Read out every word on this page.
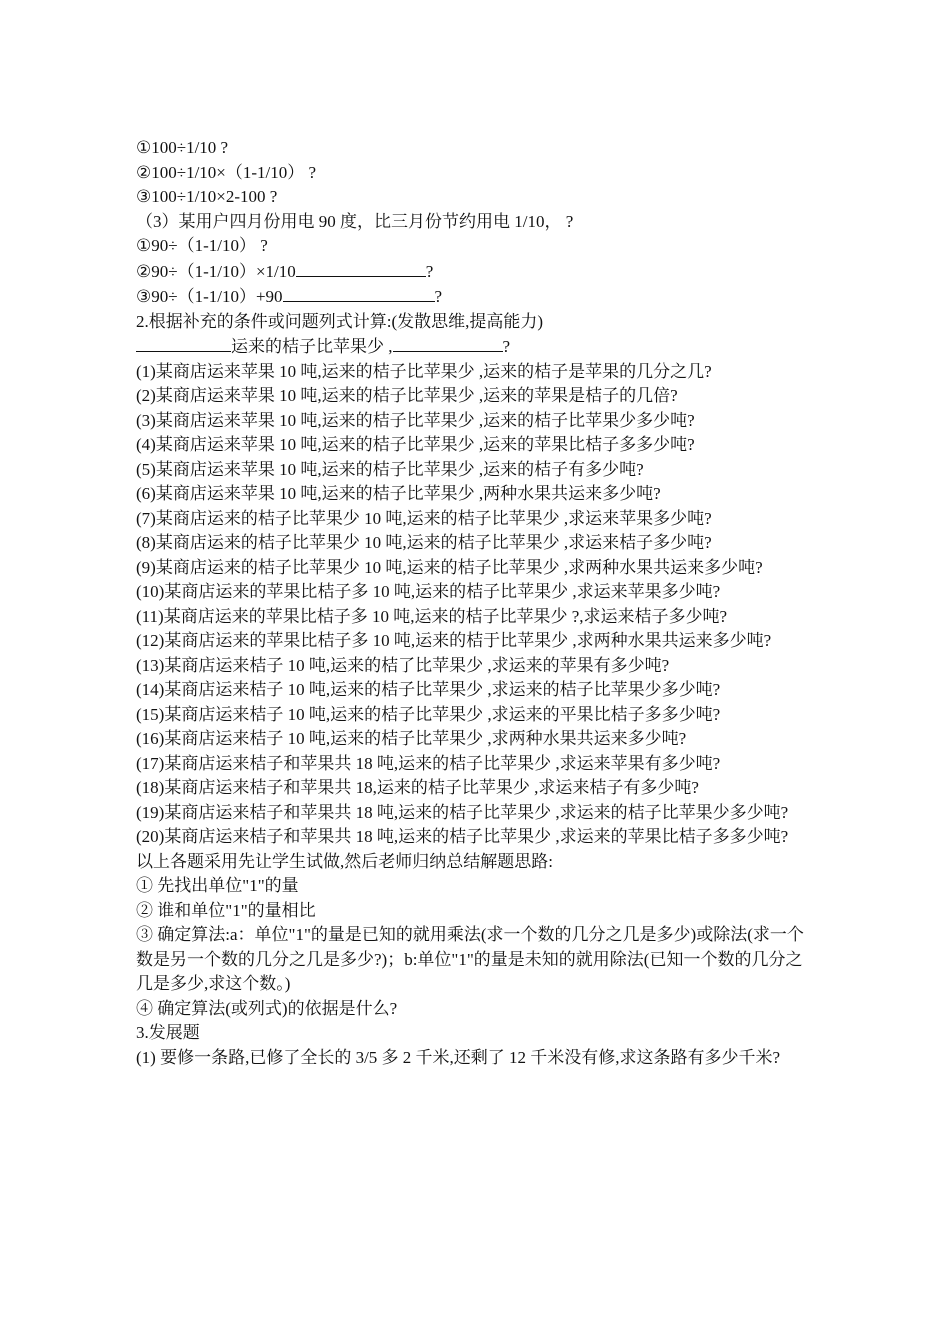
①100÷1/10 ?

②100÷1/10×（1-1/10） ?

③100÷1/10×2-100 ?

（3）某用户四月份用电 90 度，比三月份节约用电 1/10， ?

①90÷（1-1/10） ?

②90÷（1-1/10）×1/10	?

③90÷（1-1/10）+90	?

2.根据补充的条件或问题列式计算:(发散思维,提高能力)

运来的桔子比苹果少 ,	?

(1)某商店运来苹果 10 吨,运来的桔子比苹果少 ,运来的桔子是苹果的几分之几?

(2)某商店运来苹果 10 吨,运来的桔子比苹果少 ,运来的苹果是桔子的几倍?

(3)某商店运来苹果 10 吨,运来的桔子比苹果少 ,运来的桔子比苹果少多少吨?

(4)某商店运来苹果 10 吨,运来的桔子比苹果少 ,运来的苹果比桔子多多少吨?

(5)某商店运来苹果 10 吨,运来的桔子比苹果少 ,运来的桔子有多少吨?

(6)某商店运来苹果 10 吨,运来的桔子比苹果少 ,两种水果共运来多少吨?

(7)某商店运来的桔子比苹果少 10 吨,运来的桔子比苹果少 ,求运来苹果多少吨?

(8)某商店运来的桔子比苹果少 10 吨,运来的桔子比苹果少 ,求运来桔子多少吨?

(9)某商店运来的桔子比苹果少 10 吨,运来的桔子比苹果少 ,求两种水果共运来多少吨?

(10)某商店运来的苹果比桔子多 10 吨,运来的桔子比苹果少 ,求运来苹果多少吨?

(11)某商店运来的苹果比桔子多 10 吨,运来的桔子比苹果少 ?,求运来桔子多少吨?

(12)某商店运来的苹果比桔子多 10 吨,运来的桔于比苹果少 ,求两种水果共运来多少吨?

(13)某商店运来桔子 10 吨,运来的桔了比苹果少 ,求运来的苹果有多少吨?

(14)某商店运来桔子 10 吨,运来的桔子比苹果少 ,求运来的桔子比苹果少多少吨?

(15)某商店运来桔子 10 吨,运来的桔子比苹果少 ,求运来的平果比桔子多多少吨?

(16)某商店运来桔子 10 吨,运来的桔子比苹果少 ,求两种水果共运来多少吨?

(17)某商店运来桔子和苹果共 18 吨,运来的桔子比苹果少 ,求运来苹果有多少吨?

(18)某商店运来桔子和苹果共 18,运来的桔子比苹果少 ,求运来桔子有多少吨?

(19)某商店运来桔子和苹果共 18 吨,运来的桔子比苹果少 ,求运来的桔子比苹果少多少吨?

(20)某商店运来桔子和苹果共 18 吨,运来的桔子比苹果少 ,求运来的苹果比桔子多多少吨?

以上各题采用先让学生试做,然后老师归纳总结解题思路:

① 先找出单位"1"的量

② 谁和单位"1"的量相比

③ 确定算法:a：单位"1"的量是已知的就用乘法(求一个数的几分之几是多少)或除法(求一个数是另一个数的几分之几是多少?)；b:单位"1"的量是未知的就用除法(已知一个数的几分之几是多少,求这个数。)

④ 确定算法(或列式)的依据是什么?

3.发展题

(1) 要修一条路,已修了全长的 3/5 多 2 千米,还剩了 12 千米没有修,求这条路有多少千米?
